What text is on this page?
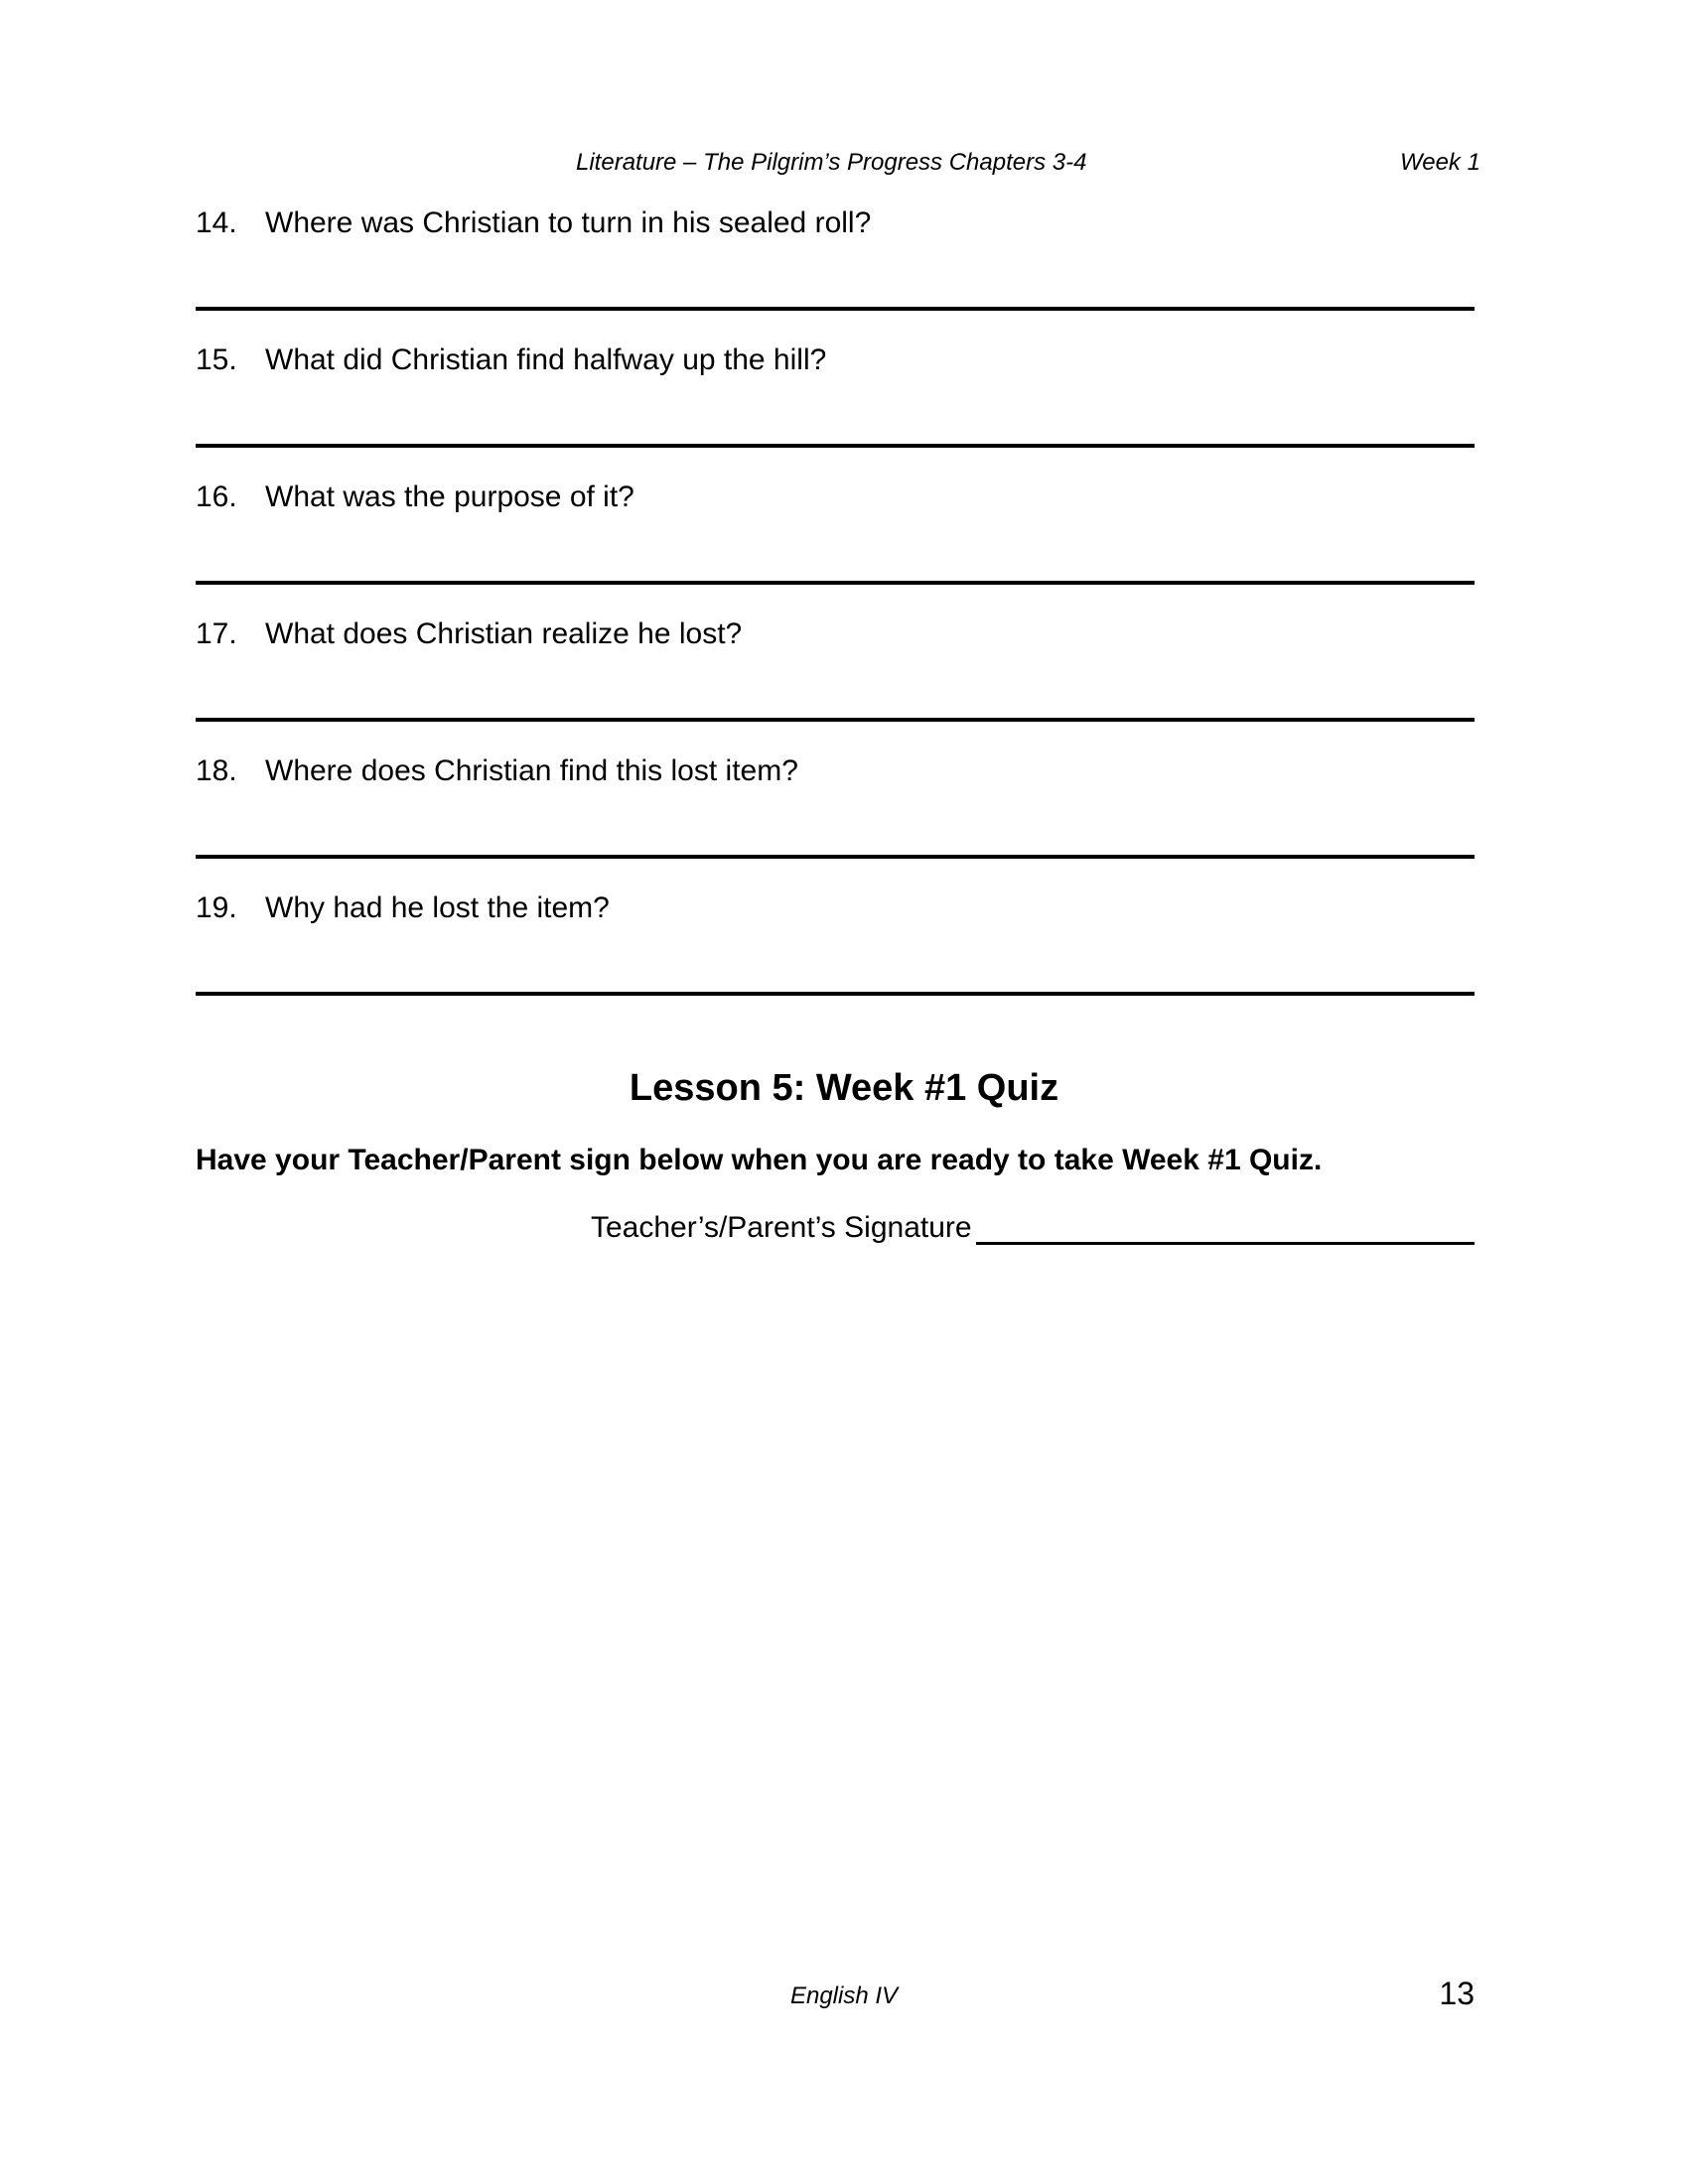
Literature – The Pilgrim’s Progress Chapters 3-4	Week 1
14. Where was Christian to turn in his sealed roll?
15. What did Christian find halfway up the hill?
16. What was the purpose of it?
17. What does Christian realize he lost?
18. Where does Christian find this lost item?
19. Why had he lost the item?
Lesson 5: Week #1 Quiz
Have your Teacher/Parent sign below when you are ready to take Week #1 Quiz.
Teacher’s/Parent’s Signature
English IV	13
